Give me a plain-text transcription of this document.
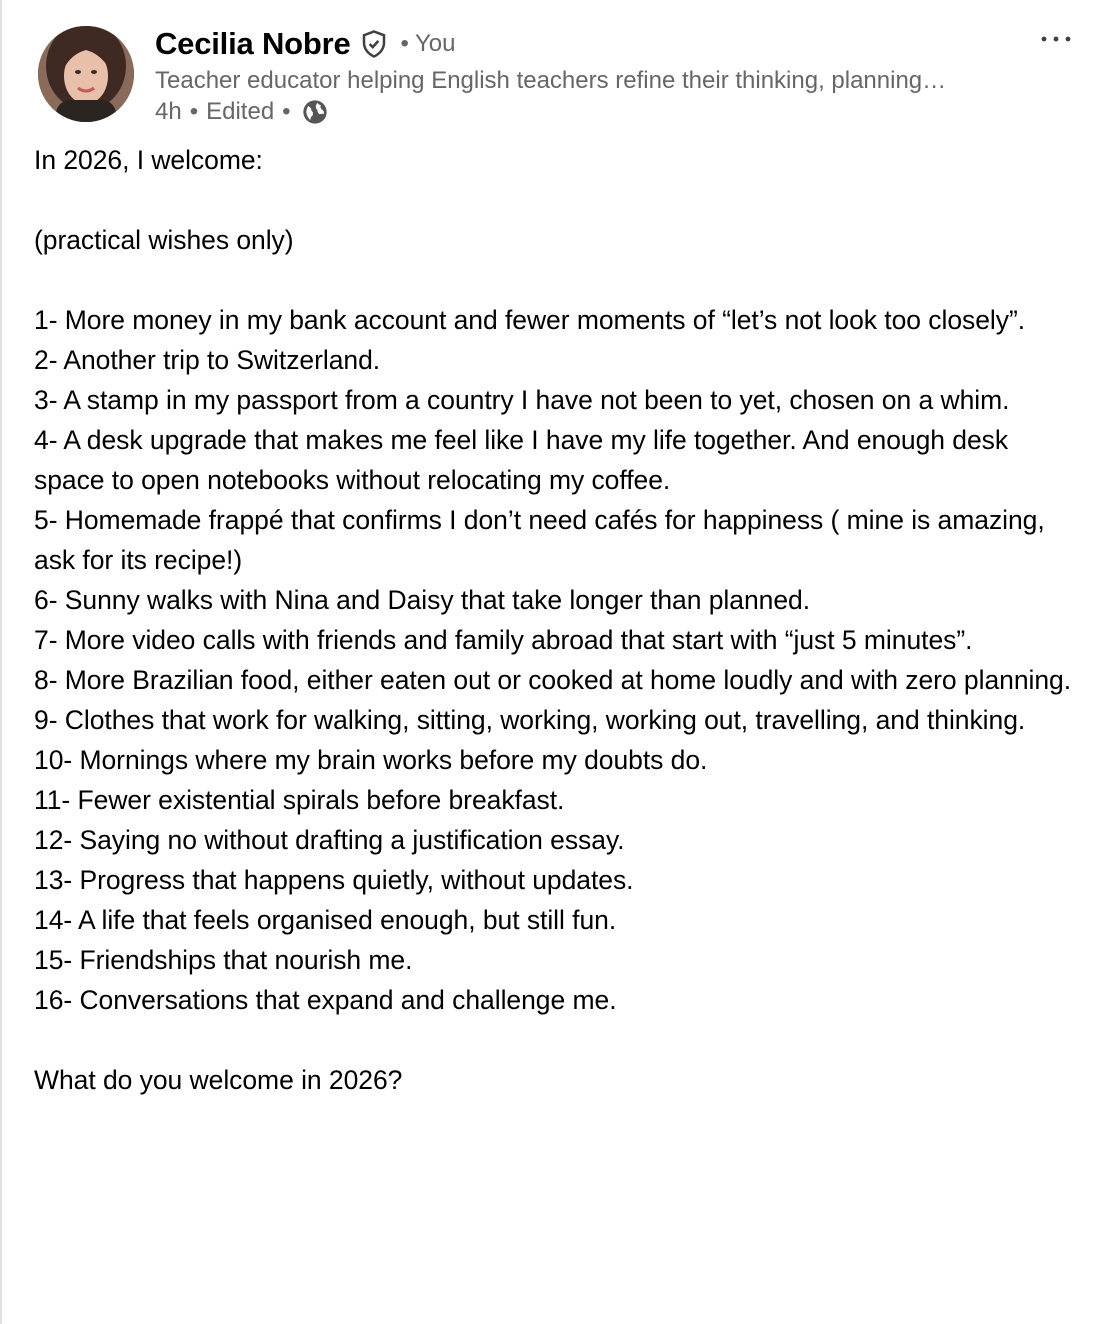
Cecilia Nobre • You
Teacher educator helping English teachers refine their thinking, planning…
4h • Edited •

In 2026, I welcome:

(practical wishes only)

1- More money in my bank account and fewer moments of “let’s not look too closely”.

2- Another trip to Switzerland.

3- A stamp in my passport from a country I have not been to yet, chosen on a whim.

4- A desk upgrade that makes me feel like I have my life together. And enough desk space to open notebooks without relocating my coffee.

5- Homemade frappé that confirms I don’t need cafés for happiness ( mine is amazing, ask for its recipe!)

6- Sunny walks with Nina and Daisy that take longer than planned.

7- More video calls with friends and family abroad that start with “just 5 minutes”.

8- More Brazilian food, either eaten out or cooked at home loudly and with zero planning.

9- Clothes that work for walking, sitting, working, working out, travelling, and thinking.

10- Mornings where my brain works before my doubts do.

11- Fewer existential spirals before breakfast.

12- Saying no without drafting a justification essay.

13- Progress that happens quietly, without updates.

14- A life that feels organised enough, but still fun.

15- Friendships that nourish me.

16- Conversations that expand and challenge me.

What do you welcome in 2026?
